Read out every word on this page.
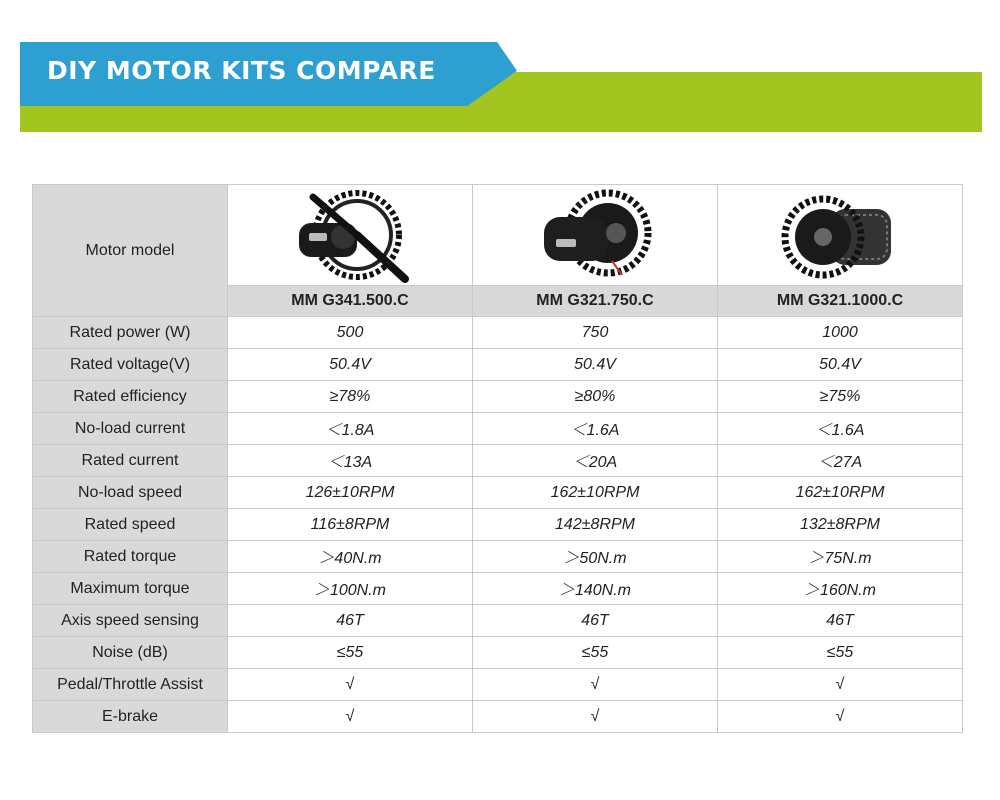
DIY MOTOR KITS COMPARE
Motor model	

	MM G341.500.C	MM G321.750.C	MM G321.1000.C
Rated power (W)	500	750	1000
Rated voltage(V)	50.4V	50.4V	50.4V
Rated efficiency	≥78%	≥80%	≥75%
No-load current	＜1.8A	＜1.6A	＜1.6A
Rated current	＜13A	＜20A	＜27A
No-load speed	126±10RPM	162±10RPM	162±10RPM
Rated speed	116±8RPM	142±8RPM	132±8RPM
Rated torque	＞40N.m	＞50N.m	＞75N.m
Maximum torque	＞100N.m	＞140N.m	＞160N.m
Axis speed sensing	46T	46T	46T
Noise (dB)	≤55	≤55	≤55
Pedal/Throttle Assist	√	√	√
E-brake	√	√	√
